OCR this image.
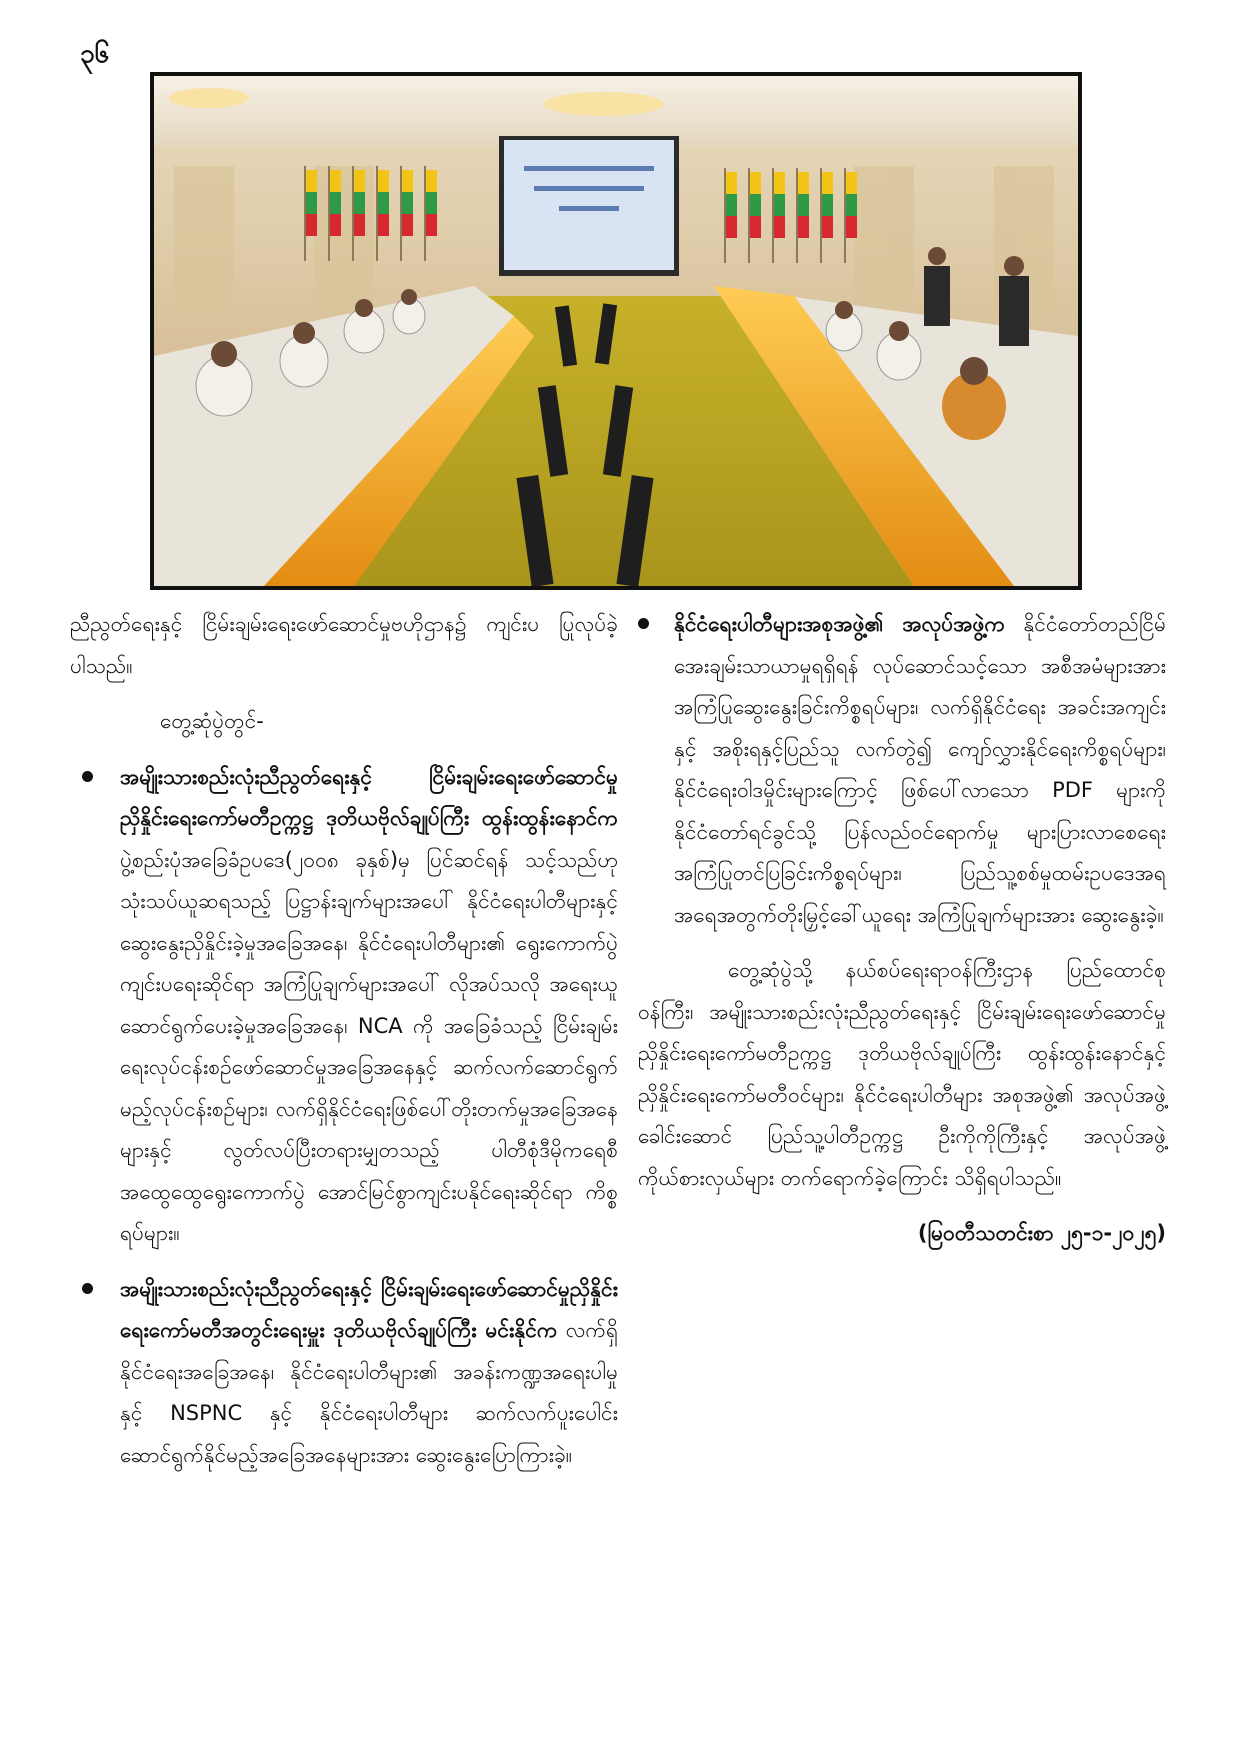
၃၆

ညီညွတ်ရေးနှင့် ငြိမ်းချမ်းရေးဖော်ဆောင်မှုဗဟိုဌာန၌ ကျင်းပ ပြုလုပ်ခဲ့ပါသည်။

တွေ့ဆုံပွဲတွင်-

အမျိုးသားစည်းလုံးညီညွတ်ရေးနှင့် ငြိမ်းချမ်းရေးဖော်ဆောင်မှု ညှိနှိုင်းရေးကော်မတီဥက္ကဋ္ဌ ဒုတိယဗိုလ်ချုပ်ကြီး ထွန်းထွန်းနောင်က ပွဲ့စည်းပုံအခြေခံဥပဒေ(၂၀၀၈ ခုနှစ်)မှ ပြင်ဆင်ရန် သင့်သည်ဟု သုံးသပ်ယူဆရသည့် ပြဋ္ဌာန်းချက်များအပေါ် နိုင်ငံရေးပါတီများနှင့် ဆွေးနွေးညှိနှိုင်းခဲ့မှုအခြေအနေ၊ နိုင်ငံရေးပါတီများ၏ ရွေးကောက်ပွဲကျင်းပရေးဆိုင်ရာ အကြံပြုချက်များအပေါ် လိုအပ်သလို အရေးယူဆောင်ရွက်ပေးခဲ့မှုအခြေအနေ၊ NCA ကို အခြေခံသည့် ငြိမ်းချမ်းရေးလုပ်ငန်းစဉ်ဖော်ဆောင်မှုအခြေအနေနှင့် ဆက်လက်ဆောင်ရွက်မည့်လုပ်ငန်းစဉ်များ၊ လက်ရှိနိုင်ငံရေးဖြစ်ပေါ်တိုးတက်မှုအခြေအနေများနှင့် လွတ်လပ်ပြီးတရားမျှတသည့် ပါတီစုံဒီမိုကရေစီအထွေထွေရွေးကောက်ပွဲ အောင်မြင်စွာကျင်းပနိုင်ရေးဆိုင်ရာ ကိစ္စရပ်များ။

အမျိုးသားစည်းလုံးညီညွတ်ရေးနှင့် ငြိမ်းချမ်းရေးဖော်ဆောင်မှုညှိနှိုင်းရေးကော်မတီအတွင်းရေးမှူး ဒုတိယဗိုလ်ချုပ်ကြီး မင်းနိုင်က လက်ရှိနိုင်ငံရေးအခြေအနေ၊ နိုင်ငံရေးပါတီများ၏ အခန်းကဏ္ဍအရေးပါမှုနှင့် NSPNC နှင့် နိုင်ငံရေးပါတီများ ဆက်လက်ပူးပေါင်းဆောင်ရွက်နိုင်မည့်အခြေအနေများအား ဆွေးနွေးပြောကြားခဲ့။

နိုင်ငံရေးပါတီများအစုအဖွဲ့၏ အလုပ်အဖွဲ့က နိုင်ငံတော်တည်ငြိမ်အေးချမ်းသာယာမှုရရှိရန် လုပ်ဆောင်သင့်သော အစီအမံများအား အကြံပြုဆွေးနွေးခြင်းကိစ္စရပ်များ၊ လက်ရှိနိုင်ငံရေး အခင်းအကျင်းနှင့် အစိုးရနှင့်ပြည်သူ လက်တွဲ၍ ကျော်လွှားနိုင်ရေးကိစ္စရပ်များ၊ နိုင်ငံရေးဝါဒမှိုင်းများကြောင့် ဖြစ်ပေါ်လာသော PDF များကို နိုင်ငံတော်ရင်ခွင်သို့ ပြန်လည်ဝင်ရောက်မှု များပြားလာစေရေး အကြံပြုတင်ပြခြင်းကိစ္စရပ်များ၊ ပြည်သူ့စစ်မှုထမ်းဥပဒေအရ အရေအတွက်တိုးမြှင့်ခေါ်ယူရေး အကြံပြုချက်များအား ဆွေးနွေးခဲ့။

တွေ့ဆုံပွဲသို့ နယ်စပ်ရေးရာဝန်ကြီးဌာန ပြည်ထောင်စုဝန်ကြီး၊ အမျိုးသားစည်းလုံးညီညွတ်ရေးနှင့် ငြိမ်းချမ်းရေးဖော်ဆောင်မှု ညှိနှိုင်းရေးကော်မတီဥက္ကဋ္ဌ ဒုတိယဗိုလ်ချုပ်ကြီး ထွန်းထွန်းနောင်နှင့် ညှိနှိုင်းရေးကော်မတီဝင်များ၊ နိုင်ငံရေးပါတီများ အစုအဖွဲ့၏ အလုပ်အဖွဲ့ခေါင်းဆောင် ပြည်သူ့ပါတီဥက္ကဋ္ဌ ဦးကိုကိုကြီးနှင့် အလုပ်အဖွဲ့ကိုယ်စားလှယ်များ တက်ရောက်ခဲ့ကြောင်း သိရှိရပါသည်။

(မြဝတီသတင်းစာ ၂၅-၁-၂၀၂၅)
